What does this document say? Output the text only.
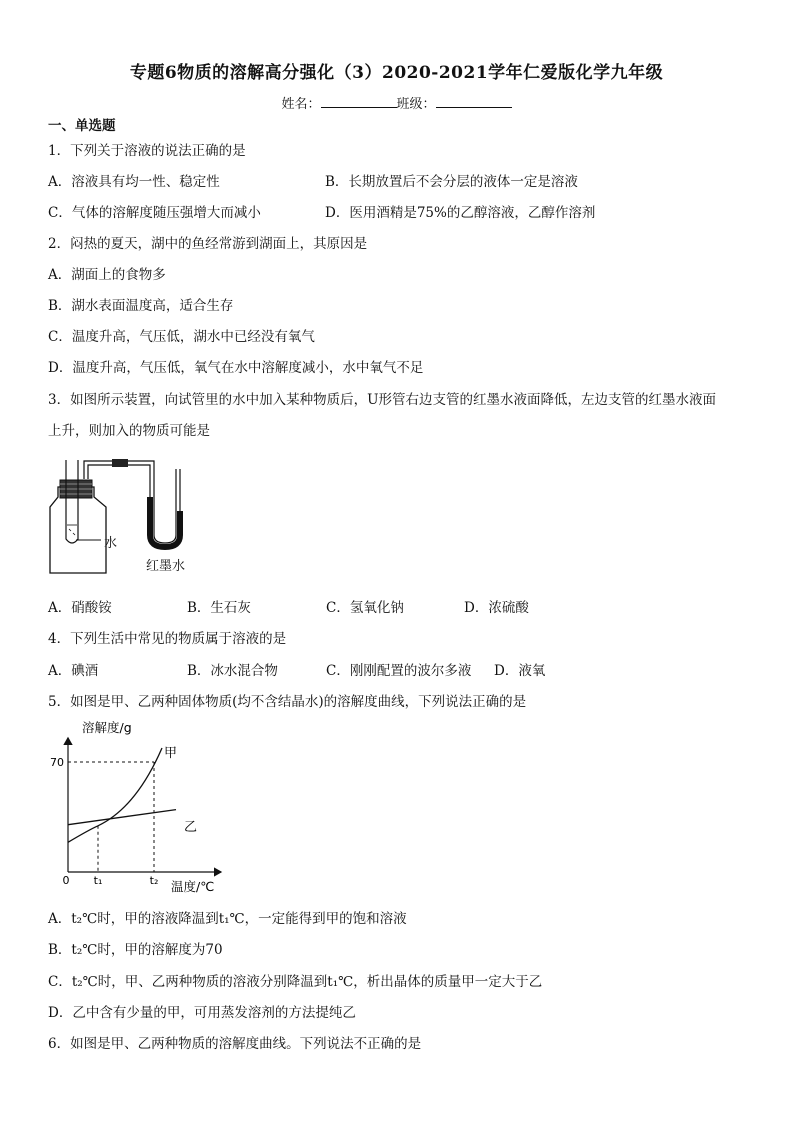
专题6物质的溶解高分强化（3）2020-2021学年仁爱版化学九年级
姓名：	班级：
一、单选题
1．下列关于溶液的说法正确的是
A．溶液具有均一性、稳定性	B．长期放置后不会分层的液体一定是溶液
C．气体的溶解度随压强增大而减小	D．医用酒精是75%的乙醇溶液，乙醇作溶剂
2．闷热的夏天，湖中的鱼经常游到湖面上，其原因是
A．湖面上的食物多
B．湖水表面温度高，适合生存
C．温度升高，气压低，湖水中已经没有氧气
D．温度升高，气压低，氧气在水中溶解度减小，水中氧气不足
3．如图所示装置，向试管里的水中加入某种物质后，U形管右边支管的红墨水液面降低，左边支管的红墨水液面
上升，则加入的物质可能是
水
红墨水
A．硝酸铵	B．生石灰	C．氢氧化钠	D．浓硫酸
4．下列生活中常见的物质属于溶液的是
A．碘酒	B．冰水混合物	C．刚刚配置的波尔多液 D．液氧
5．如图是甲、乙两种固体物质(均不含结晶水)的溶解度曲线，下列说法正确的是
溶解度/g
温度/℃
0 t₁	t₂
70
甲
乙
A．t₂℃时，甲的溶液降温到t₁℃，一定能得到甲的饱和溶液
B．t₂℃时，甲的溶解度为70
C．t₂℃时，甲、乙两种物质的溶液分别降温到t₁℃，析出晶体的质量甲一定大于乙
D．乙中含有少量的甲，可用蒸发溶剂的方法提纯乙
6．如图是甲、乙两种物质的溶解度曲线。下列说法不正确的是
